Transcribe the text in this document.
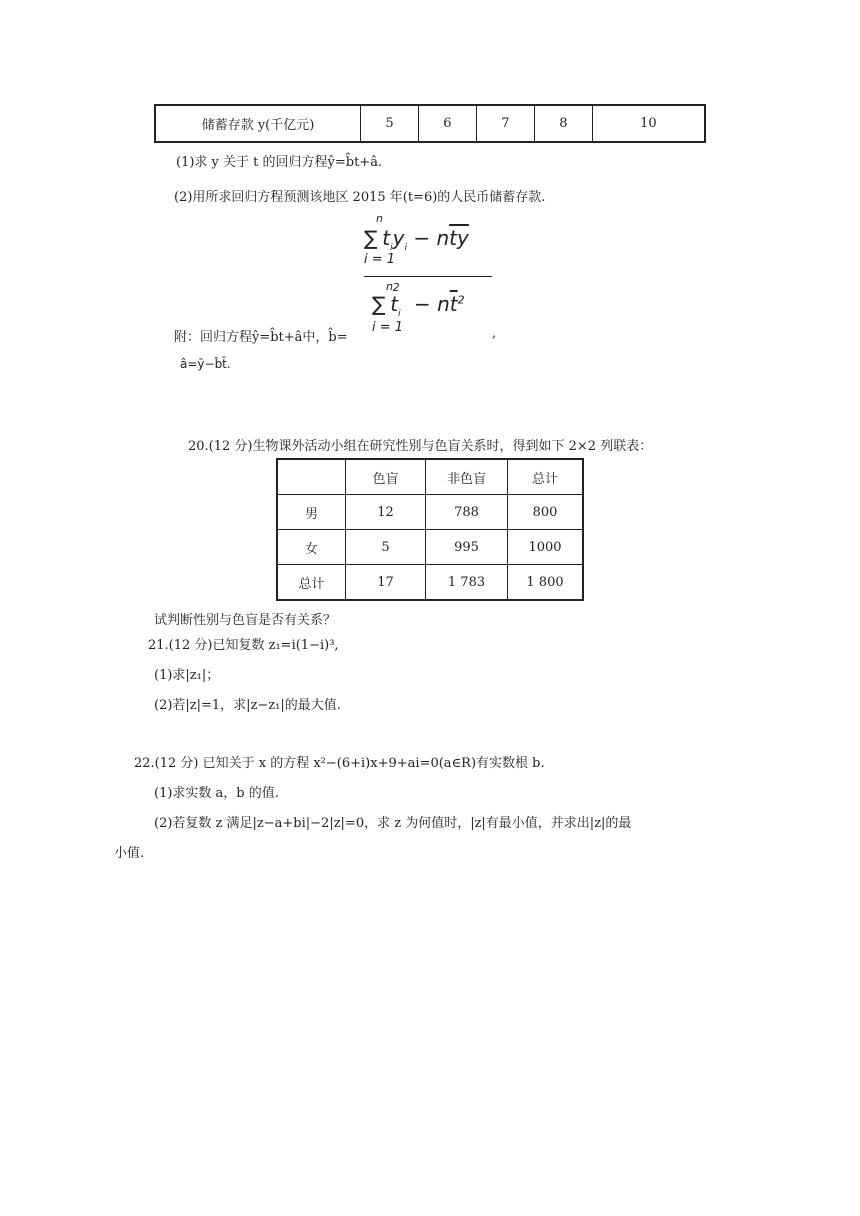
储蓄存款 y(千亿元)	5	6	7	8	10
(1)求 y 关于 t 的回归方程ŷ=b̂t+â.
(2)用所求回归方程预测该地区 2015 年(t=6)的人民币储蓄存款.
n
∑ $t_iy_i - n\overline{t}\overline{y}$
i = 1
n
∑ $t_i^2 - n\overline{t}^2$
i = 1
附：回归方程ŷ=b̂t+â中，b̂=	,
â=ȳ−b̂t̄.
20.(12 分)生物课外活动小组在研究性别与色盲关系时，得到如下 2×2 列联表：
	色盲	非色盲	总计
男	12	788	800
女	5	995	1000
总计	17	1 783	1 800
试判断性别与色盲是否有关系？
21.(12 分)已知复数 z₁=i(1−i)³,
(1)求|z₁|；
(2)若|z|=1，求|z−z₁|的最大值.
22.(12 分) 已知关于 x 的方程 x²−(6+i)x+9+ai=0(a∈R)有实数根 b.
(1)求实数 a，b 的值.
(2)若复数 z 满足|z−a+bi|−2|z|=0，求 z 为何值时，|z|有最小值，并求出|z|的最
小值.
